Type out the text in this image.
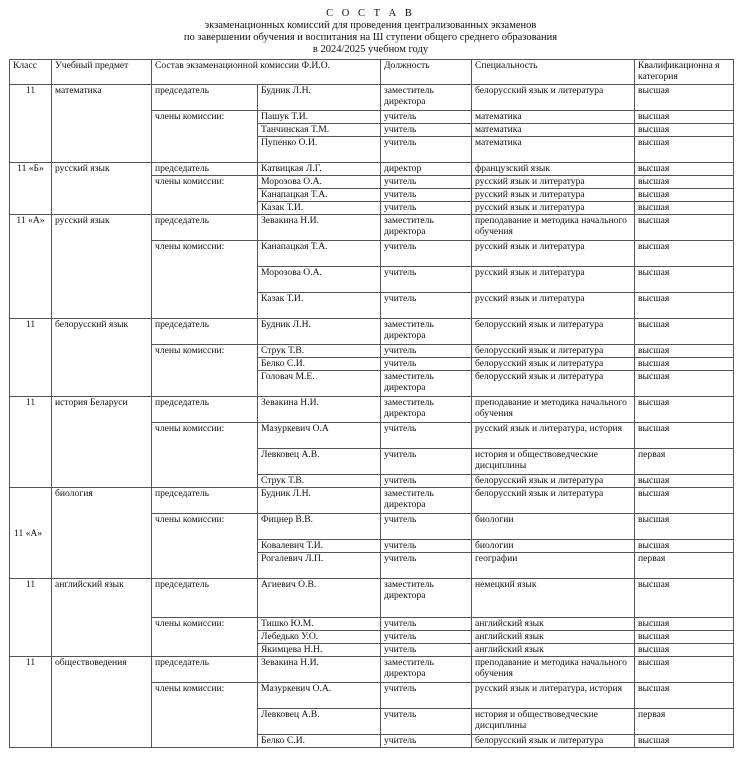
С О С Т А В
экзаменационных комиссий для проведения централизованных экзаменов
по завершении обучения и воспитания на Ш ступени общего среднего образования
в 2024/2025 учебном году
Класс	Учебный предмет	Состав экзаменационной комиссии Ф.И.О.		Должность	Специальность	Квалификационна я категория
11	математика	председатель	Будник Л.Н.	заместитель директора	белорусский язык и литература	высшая
		члены комиссии:	Пашук Т.И.	учитель	математика	высшая
			Танчинская Т.М.	учитель	математика	высшая
			Пупенко О.И.	учитель	математика	высшая
11 «Б»	русский язык	председатель	Катвицкая Л.Г.	директор	французский язык	высшая
		члены комиссии:	Морозова О.А.	учитель	русский язык и литература	высшая
			Канапацкая Т.А.	учитель	русский язык и литература	высшая
			Казак Т.И.	учитель	русский язык и литература	высшая
11 «А»	русский язык	председатель	Зевакина Н.И.	заместитель директора	преподавание и методика начального обучения	высшая
		члены комиссии:	Канапацкая Т.А.	учитель	русский язык и литература	высшая
			Морозова О.А.	учитель	русский язык и литература	высшая
			Казак Т.И.	учитель	русский язык и литература	высшая
11	белорусский язык	председатель	Будник Л.Н.	заместитель директора	белорусский язык и литература	высшая
		члены комиссии:	Струк Т.В.	учитель	белорусский язык и литература	высшая
			Белко С.И.	учитель	белорусский язык и литература	высшая
			Головач М.Е.	заместитель директора	белорусский язык и литература	высшая
11	история Беларуси	председатель	Зевакина Н.И.	заместитель директора	преподавание и методика начального обучения	высшая
		члены комиссии:	Мазуркевич О.А	учитель	русский язык и литература, история	высшая
			Левковец А.В.	учитель	история и обществоведческие дисциплины	первая
			Струк Т.В.	учитель	белорусский язык и литература	высшая
11 «А»	биология	председатель	Будник Л.Н.	заместитель директора	белорусский язык и литература	высшая
		члены комиссии:	Фицнер В.В.	учитель	биологии	высшая
			Ковалевич Т.И.	учитель	биологии	высшая
			Рогалевич Л.П.	учитель	географии	первая
11	английский язык	председатель	Агиевич О.В.	заместитель директора	немецкий язык	высшая
		члены комиссии:	Тишко Ю.М.	учитель	английский язык	высшая
			Лебедько У.О.	учитель	английский язык	высшая
			Якимцева Н.Н.	учитель	английский язык	высшая
11	обществоведения	председатель	Зевакина Н.И.	заместитель директора	преподавание и методика начального обучения	высшая
		члены комиссии:	Мазуркевич О.А.	учитель	русский язык и литература, история	высшая
			Левковец А.В.	учитель	история и обществоведческие дисциплины	первая
			Белко С.И.	учитель	белорусский язык и литература	высшая
